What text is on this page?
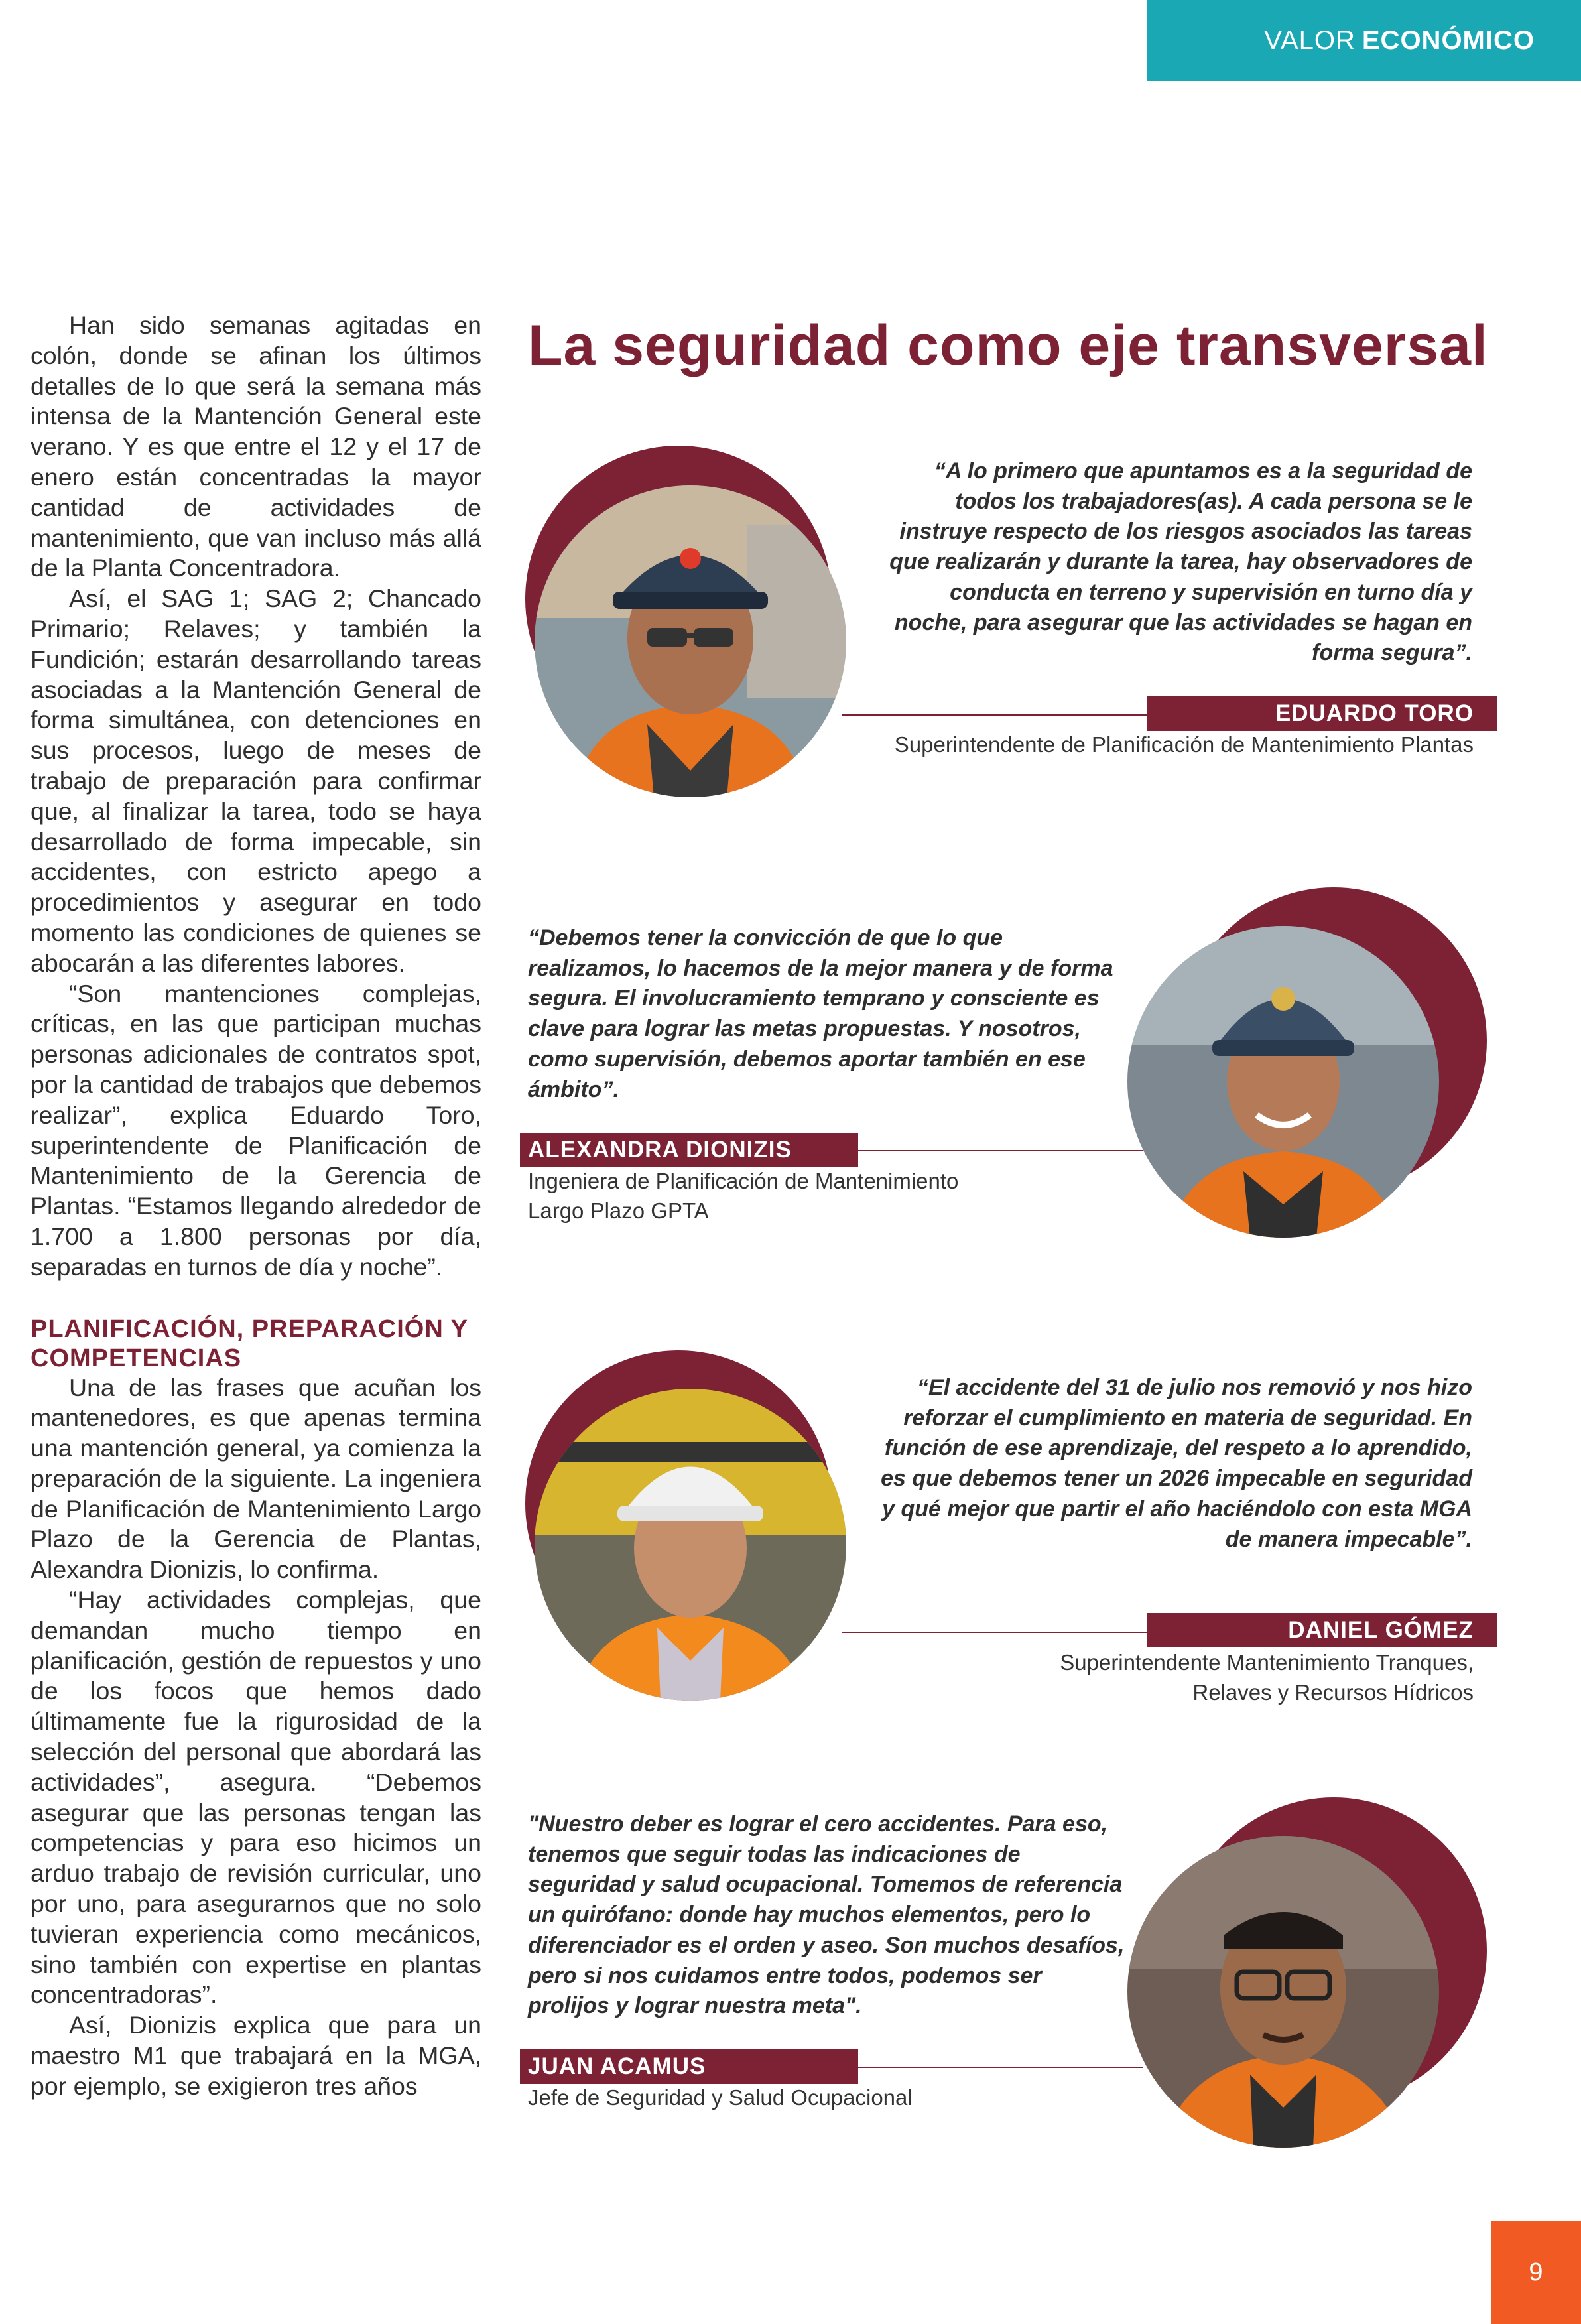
VALOR ECONÓMICO

Han sido semanas agitadas en colón, donde se afinan los últimos detalles de lo que será la semana más intensa de la Mantención General este verano. Y es que entre el 12 y el 17 de enero están concentradas la mayor cantidad de actividades de mantenimiento, que van incluso más allá de la Planta Concentradora.

Así, el SAG 1; SAG 2; Chancado Primario; Relaves; y también la Fundición; estarán desarrollando tareas asociadas a la Mantención General de forma simultánea, con detenciones en sus procesos, luego de meses de trabajo de preparación para confirmar que, al finalizar la tarea, todo se haya desarrollado de forma impecable, sin accidentes, con estricto apego a procedimientos y asegurar en todo momento las condiciones de quienes se abocarán a las diferentes labores.

“Son mantenciones complejas, críticas, en las que participan muchas personas adicionales de contratos spot, por la cantidad de trabajos que debemos realizar”, explica Eduardo Toro, superintendente de Planificación de Mantenimiento de la Gerencia de Plantas. “Estamos llegando alrededor de 1.700 a 1.800 personas por día, separadas en turnos de día y noche”.

PLANIFICACIÓN, PREPARACIÓN Y COMPETENCIAS

Una de las frases que acuñan los mantenedores, es que apenas termina una mantención general, ya comienza la preparación de la siguiente. La ingeniera de Planificación de Mantenimiento Largo Plazo de la Gerencia de Plantas, Alexandra Dionizis, lo confirma.

“Hay actividades complejas, que demandan mucho tiempo en planificación, gestión de repuestos y uno de los focos que hemos dado últimamente fue la rigurosidad de la selección del personal que abordará las actividades”, asegura. “Debemos asegurar que las personas tengan las competencias y para eso hicimos un arduo trabajo de revisión curricular, uno por uno, para asegurarnos que no solo tuvieran experiencia como mecánicos, sino también con expertise en plantas concentradoras”.

Así, Dionizis explica que para un maestro M1 que trabajará en la MGA, por ejemplo, se exigieron tres años

La seguridad como eje transversal

“A lo primero que apuntamos es a la seguridad de todos los trabajadores(as). A cada persona se le instruye respecto de los riesgos asociados las tareas que realizarán y durante la tarea, hay observadores de conducta en terreno y supervisión en turno día y noche, para asegurar que las actividades se hagan en forma segura”.

EDUARDO TORO
Superintendente de Planificación de Mantenimiento Plantas

“Debemos tener la convicción de que lo que realizamos, lo hacemos de la mejor manera y de forma segura. El involucramiento temprano y consciente es clave para lograr las metas propuestas. Y nosotros, como supervisión, debemos aportar también en ese ámbito”.

ALEXANDRA DIONIZIS
Ingeniera de Planificación de Mantenimiento
Largo Plazo GPTA

“El accidente del 31 de julio nos removió y nos hizo reforzar el cumplimiento en materia de seguridad. En función de ese aprendizaje, del respeto a lo aprendido, es que debemos tener un 2026 impecable en seguridad y qué mejor que partir el año haciéndolo con esta MGA de manera impecable”.

DANIEL GÓMEZ
Superintendente Mantenimiento Tranques,
Relaves y Recursos Hídricos

"Nuestro deber es lograr el cero accidentes. Para eso, tenemos que seguir todas las indicaciones de seguridad y salud ocupacional. Tomemos de referencia un quirófano: donde hay muchos elementos, pero lo diferenciador es el orden y aseo. Son muchos desafíos, pero si nos cuidamos entre todos, podemos ser prolijos y lograr nuestra meta".

JUAN ACAMUS
Jefe de Seguridad y Salud Ocupacional
9
